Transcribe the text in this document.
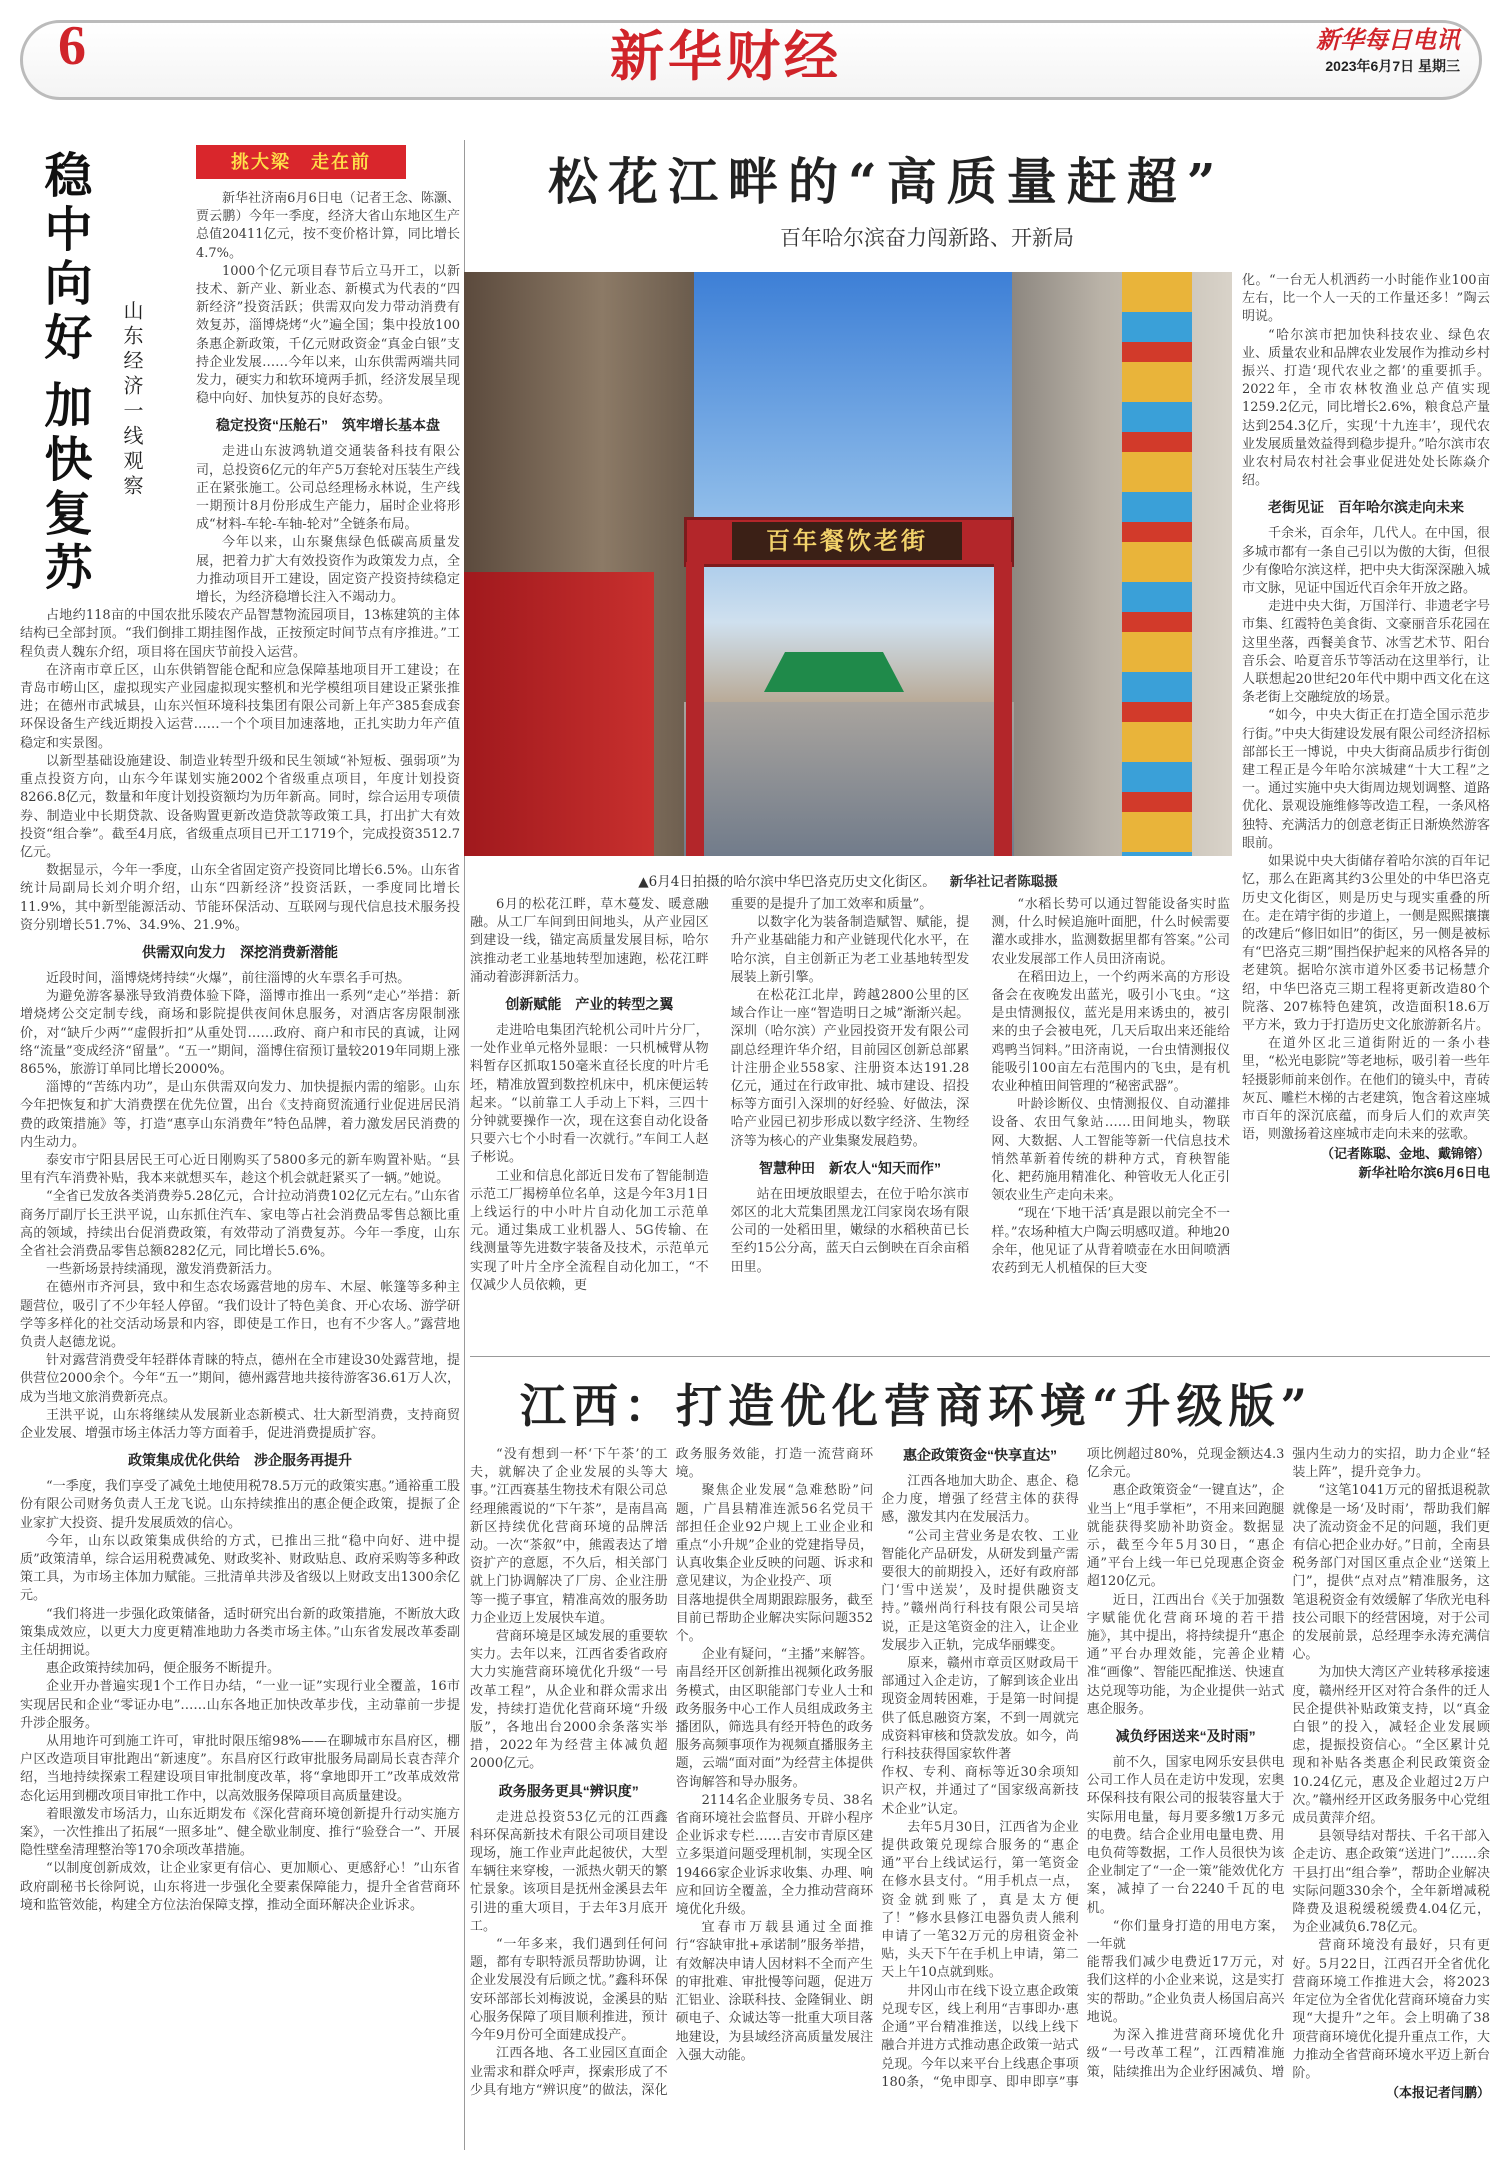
6	新华财经	新华每日电讯
2023年6月7日 星期三
稳中向好
加快复苏	山东经济一线观察
挑大梁　走在前

新华社济南6月6日电（记者王念、陈灏、贾云鹏）今年一季度，经济大省山东地区生产总值20411亿元，按不变价格计算，同比增长4.7%。

1000个亿元项目春节后立马开工，以新技术、新产业、新业态、新模式为代表的“四新经济”投资活跃；供需双向发力带动消费有效复苏，淄博烧烤“火”遍全国；集中投放100条惠企新政策，千亿元财政资金“真金白银”支持企业发展……今年以来，山东供需两端共同发力，硬实力和软环境两手抓，经济发展呈现稳中向好、加快复苏的良好态势。

稳定投资“压舱石”　筑牢增长基本盘

走进山东波鸿轨道交通装备科技有限公司，总投资6亿元的年产5万套轮对压装生产线正在紧张施工。公司总经理杨永林说，生产线一期预计8月份形成生产能力，届时企业将形成“材料-车轮-车轴-轮对”全链条布局。

今年以来，山东聚焦绿色低碳高质量发展，把着力扩大有效投资作为政策发力点，全力推动项目开工建设，固定资产投资持续稳定增长，为经济稳增长注入不竭动力。

占地约118亩的中国农批乐陵农产品智慧物流园项目，13栋建筑的主体结构已全部封顶。“我们倒排工期挂图作战，正按预定时间节点有序推进。”工程负责人魏东介绍，项目将在国庆节前投入运营。

在济南市章丘区，山东供销智能仓配和应急保障基地项目开工建设；在青岛市崂山区，虚拟现实产业园虚拟现实整机和光学模组项目建设正紧张推进；在德州市武城县，山东兴恒环境科技集团有限公司新上年产385套成套环保设备生产线近期投入运营……一个个项目加速落地，正扎实助力年产值稳定和实景图。

以新型基础设施建设、制造业转型升级和民生领域“补短板、强弱项”为重点投资方向，山东今年谋划实施2002个省级重点项目，年度计划投资8266.8亿元，数量和年度计划投资额均为历年新高。同时，综合运用专项债券、制造业中长期贷款、设备购置更新改造贷款等政策工具，打出扩大有效投资“组合拳”。截至4月底，省级重点项目已开工1719个，完成投资3512.7亿元。

数据显示，今年一季度，山东全省固定资产投资同比增长6.5%。山东省统计局副局长刘介明介绍，山东“四新经济”投资活跃，一季度同比增长11.9%，其中新型能源活动、节能环保活动、互联网与现代信息技术服务投资分别增长51.7%、34.9%、21.9%。

供需双向发力　深挖消费新潜能

近段时间，淄博烧烤持续“火爆”，前往淄博的火车票名手可热。

为避免游客暴涨导致消费体验下降，淄博市推出一系列“走心”举措：新增烧烤公交定制专线，商场和影院提供夜间休息服务，对酒店客房限制涨价，对“缺斤少两”“虚假折扣”从重处罚……政府、商户和市民的真诚，让网络“流量”变成经济“留量”。“五一”期间，淄博住宿预订量较2019年同期上涨865%，旅游订单同比增长2000%。

淄博的“苦练内功”，是山东供需双向发力、加快提振内需的缩影。山东今年把恢复和扩大消费摆在优先位置，出台《支持商贸流通行业促进居民消费的政策措施》等，打造“惠享山东消费年”特色品牌，着力激发居民消费的内生动力。

泰安市宁阳县居民王可心近日刚购买了5800多元的新车购置补贴。“县里有汽车消费补贴，我本来就想买车，趁这个机会就赶紧买了一辆。”她说。

“全省已发放各类消费券5.28亿元，合计拉动消费102亿元左右。”山东省商务厅副厅长王洪平说，山东抓住汽车、家电等占社会消费品零售总额比重高的领域，持续出台促消费政策，有效带动了消费复苏。今年一季度，山东全省社会消费品零售总额8282亿元，同比增长5.6%。

一些新场景持续涌现，激发消费新活力。

在德州市齐河县，致中和生态农场露营地的房车、木屋、帐篷等多种主题营位，吸引了不少年轻人停留。“我们设计了特色美食、开心农场、游学研学等多样化的社交活动场景和内容，即使是工作日，也有不少客人。”露营地负责人赵德龙说。

针对露营消费受年轻群体青睐的特点，德州在全市建设30处露营地，提供营位2000余个。今年“五一”期间，德州露营地共接待游客36.61万人次，成为当地文旅消费新亮点。

王洪平说，山东将继续从发展新业态新模式、壮大新型消费，支持商贸企业发展、增强市场主体活力等方面着手，促进消费提质扩容。

政策集成优化供给　涉企服务再提升

“一季度，我们享受了减免土地使用税78.5万元的政策实惠。”通裕重工股份有限公司财务负责人王龙飞说。山东持续推出的惠企便企政策，提振了企业家扩大投资、提升发展质效的信心。

今年，山东以政策集成供给的方式，已推出三批“稳中向好、进中提质”政策清单，综合运用税费减免、财政奖补、财政贴息、政府采购等多种政策工具，为市场主体加力赋能。三批清单共涉及省级以上财政支出1300余亿元。

“我们将进一步强化政策储备，适时研究出台新的政策措施，不断放大政策集成效应，以更大力度更精准地助力各类市场主体。”山东省发展改革委副主任胡拥说。

惠企政策持续加码，便企服务不断提升。

企业开办普遍实现1个工作日办结，“一业一证”实现行业全覆盖，16市实现居民和企业“零证办电”……山东各地正加快改革步伐，主动靠前一步提升涉企服务。

从用地许可到施工许可，审批时限压缩98%——在聊城市东昌府区，棚户区改造项目审批跑出“新速度”。东昌府区行政审批服务局副局长袁杏萍介绍，当地持续探索工程建设项目审批制度改革，将“拿地即开工”改革成效常态化运用到棚改项目审批工作中，以高效服务保障项目高质量建设。

着眼激发市场活力，山东近期发布《深化营商环境创新提升行动实施方案》，一次性推出了拓展“一照多址”、健全歇业制度、推行“验登合一”、开展隐性壁垒清理整治等170余项改革措施。

“以制度创新成效，让企业家更有信心、更加顺心、更感舒心！”山东省政府副秘书长徐阿说，山东将进一步强化全要素保障能力，提升全省营商环境和监管效能，构建全方位法治保障支撑，推动全面环解决企业诉求。

松花江畔的“高质量赶超”
百年哈尔滨奋力闯新路、开新局
百年餐饮老街
▲6月4日拍摄的哈尔滨中华巴洛克历史文化街区。 新华社记者陈聪摄

6月的松花江畔，草木蔓发、暖意融融。从工厂车间到田间地头，从产业园区到建设一线，锚定高质量发展目标，哈尔滨推动老工业基地转型加速跑，松花江畔涌动着澎湃新活力。

创新赋能　产业的转型之翼

走进哈电集团汽轮机公司叶片分厂，一处作业单元格外显眼：一只机械臂从物料暂存区抓取150毫米直径长度的叶片毛坯，精准放置到数控机床中，机床便运转起来。“以前靠工人手动上下料，三四十分钟就要操作一次，现在这套自动化设备只要六七个小时看一次就行。”车间工人赵子彬说。

工业和信息化部近日发布了智能制造示范工厂揭榜单位名单，这是今年3月1日上线运行的中小叶片自动化加工示范单元。通过集成工业机器人、5G传输、在线测量等先进数字装备及技术，示范单元实现了叶片全序全流程自动化加工，“不仅减少人员依赖，更

重要的是提升了加工效率和质量”。

以数字化为装备制造赋智、赋能，提升产业基础能力和产业链现代化水平，在哈尔滨，自主创新正为老工业基地转型发展装上新引擎。

在松花江北岸，跨越2800公里的区域合作让一座“智造明日之城”渐渐兴起。深圳（哈尔滨）产业园投资开发有限公司副总经理许华介绍，目前园区创新总部累计注册企业558家、注册资本达191.28亿元，通过在行政审批、城市建设、招投标等方面引入深圳的好经验、好做法，深哈产业园已初步形成以数字经济、生物经济等为核心的产业集聚发展趋势。

智慧种田　新农人“知天而作”

站在田埂放眼望去，在位于哈尔滨市郊区的北大荒集团黑龙江闫家岗农场有限公司的一处稻田里，嫩绿的水稻秧苗已长至约15公分高，蓝天白云倒映在百余亩稻田里。

“水稻长势可以通过智能设备实时监测，什么时候追施叶面肥，什么时候需要灌水或排水，监测数据里都有答案。”公司农业发展部工作人员田济南说。

在稻田边上，一个约两米高的方形设备会在夜晚发出蓝光，吸引小飞虫。“这是虫情测报仪，蓝光是用来诱虫的，被引来的虫子会被电死，几天后取出来还能给鸡鸭当饲料。”田济南说，一台虫情测报仪能吸引100亩左右范围内的飞虫，是有机农业种植田间管理的“秘密武器”。

叶龄诊断仪、虫情测报仪、自动灌排设备、农田气象站……田间地头，物联网、大数据、人工智能等新一代信息技术悄然革新着传统的耕种方式，育秧智能化、耙药施用精准化、种管收无人化正引领农业生产走向未来。

“现在‘下地干活’真是跟以前完全不一样。”农场种植大户陶云明感叹道。种地20余年，他见证了从背着喷壶在水田间喷洒农药到无人机植保的巨大变

化。“一台无人机洒药一小时能作业100亩左右，比一个人一天的工作量还多！”陶云明说。

“哈尔滨市把加快科技农业、绿色农业、质量农业和品牌农业发展作为推动乡村振兴、打造‘现代农业之都’的重要抓手。2022年，全市农林牧渔业总产值实现1259.2亿元，同比增长2.6%，粮食总产量达到254.3亿斤，实现‘十九连丰’，现代农业发展质量效益得到稳步提升。”哈尔滨市农业农村局农村社会事业促进处处长陈焱介绍。

老街见证　百年哈尔滨走向未来

千余米，百余年，几代人。在中国，很多城市都有一条自己引以为傲的大街，但很少有像哈尔滨这样，把中央大街深深融入城市文脉，见证中国近代百余年开放之路。

走进中央大街，万国洋行、非遗老字号市集、红霞特色美食街、文豪丽音乐花园在这里坐落，西餐美食节、冰雪艺术节、阳台音乐会、哈夏音乐节等活动在这里举行，让人联想起20世纪20年代中期中西文化在这条老街上交融绽放的场景。

“如今，中央大街正在打造全国示范步行街。”中央大街建设发展有限公司经济招标部部长王一博说，中央大街商品质步行街创建工程正是今年哈尔滨城建“十大工程”之一。通过实施中央大街周边规划调整、道路优化、景观设施维修等改造工程，一条风格独特、充满活力的创意老街正日渐焕然游客眼前。

如果说中央大街储存着哈尔滨的百年记忆，那么在距离其约3公里处的中华巴洛克历史文化街区，则是历史与现实重叠的所在。走在靖宇街的步道上，一侧是熙熙攘攘的改建后“修旧如旧”的街区，另一侧是被标有“巴洛克三期”围挡保护起来的风格各异的老建筑。据哈尔滨市道外区委书记杨慧介绍，中华巴洛克三期工程将更新改造80个院落、207栋特色建筑，改造面积18.6万平方米，致力于打造历史文化旅游新名片。

在道外区北三道街附近的一条小巷里，“松光电影院”等老地标，吸引着一些年轻摄影师前来创作。在他们的镜头中，青砖灰瓦、雕栏木梯的古老建筑，饱含着这座城市百年的深沉底蕴，而身后人们的欢声笑语，则激扬着这座城市走向未来的弦歌。

（记者陈聪、金地、戴锦镕）
新华社哈尔滨6月6日电
江西：打造优化营商环境“升级版”

“没有想到一杯‘下午茶’的工夫，就解决了企业发展的头等大事。”江西赛基生物技术有限公司总经理熊霞说的“下午茶”，是南昌高新区持续优化营商环境的品牌活动。一次“茶叙”中，熊霞表达了增资扩产的意愿，不久后，相关部门就上门协调解决了厂房、企业注册等一揽子事宜，精准高效的服务助力企业迈上发展快车道。

营商环境是区域发展的重要软实力。去年以来，江西省委省政府大力实施营商环境优化升级“一号改革工程”，从企业和群众需求出发，持续打造优化营商环境“升级版”，各地出台2000余条落实举措，2022年为经营主体减负超2000亿元。

政务服务更具“辨识度”

走进总投资53亿元的江西鑫科环保高新技术有限公司项目建设现场，施工作业声此起彼伏，大型车辆往来穿梭，一派热火朝天的繁忙景象。该项目是抚州金溪县去年引进的重大项目，于去年3月底开工。

“一年多来，我们遇到任何问题，都有专职特派员帮助协调，让企业发展没有后顾之忧。”鑫科环保安环部部长刘梅波说，金溪县的贴心服务保障了项目顺利推进，预计今年9月份可全面建成投产。

江西各地、各工业园区直面企业需求和群众呼声，探索形成了不少具有地方“辨识度”的做法，深化政务服务效能，打造一流营商环境。

聚焦企业发展“急难愁盼”问题，广昌县精准连派56名党员干部担任企业92户规上工业企业和重点“小升规”企业的党建指导员，认真收集企业反映的问题、诉求和意见建议，为企业投产、项

目落地提供全周期跟踪服务，截至目前已帮助企业解决实际问题352个。

企业有疑问，“主播”来解答。南昌经开区创新推出视频化政务服务模式，由区职能部门专业人士和政务服务中心工作人员组成政务主播团队，筛选具有经开特色的政务服务高频事项作为视频直播服务主题，云端“面对面”为经营主体提供咨询解答和导办服务。

2114名企业服务专员、38名省商环境社会监督员、开辟小程序企业诉求专栏……吉安市青原区建立多渠道问题受理机制，实现全区19466家企业诉求收集、办理、响应和回访全覆盖，全力推动营商环境优化升级。

宜春市万载县通过全面推行“容缺审批+承诺制”服务举措，有效解决申请人因材料不全而产生的审批难、审批慢等问题，促进万汇铝业、涂联科技、金隆铜业、朗硕电子、众诚达等一批重大项目落地建设，为县域经济高质量发展注入强大动能。

惠企政策资金“快享直达”

江西各地加大助企、惠企、稳企力度，增强了经营主体的获得感，激发其内在发展活力。

“公司主营业务是农牧、工业智能化产品研发，从研发到量产需要很大的前期投入，还好有政府部门‘雪中送炭’，及时提供融资支持。”赣州尚行科技有限公司吴培说，正是这笔资金的注入，让企业发展步入正轨，完成华丽蝶变。

原来，赣州市章贡区财政局干部通过入企走访，了解到该企业出现资金周转困难，于是第一时间提供了低息融资方案，不到一周就完成资料审核和贷款发放。如今，尚行科技获得国家软件著

作权、专利、商标等近30余项知识产权，并通过了“国家级高新技术企业”认定。

去年5月30日，江西省为企业提供政策兑现综合服务的“惠企通”平台上线试运行，第一笔资金在修水县支付。“用手机点一点，资金就到账了，真是太方便了！”修水县修江电器负责人熊利申请了一笔32万元的房租资金补贴，头天下午在手机上申请，第二天上午10点就到账。

井冈山市在线下设立惠企政策兑现专区，线上利用“吉事即办·惠企通”平台精准推送，以线上线下融合并进方式推动惠企政策一站式兑现。今年以来平台上线惠企事项180条，“免申即享、即申即享”事项比例超过80%，兑现金额达4.3亿余元。

惠企政策资金“一键直达”，企业当上“甩手掌柜”，不用来回跑腿就能获得奖励补助资金。数据显示，截至今年5月30日，“惠企通”平台上线一年已兑现惠企资金超120亿元。

近日，江西出台《关于加强数字赋能优化营商环境的若干措施》，其中提出，将持续提升“惠企通”平台办理效能，完善企业精准“画像”、智能匹配推送、快速直达兑现等功能，为企业提供一站式惠企服务。

减负纾困送来“及时雨”

前不久，国家电网乐安县供电公司工作人员在走访中发现，宏奥环保科技有限公司的报装容量大于实际用电量，每月要多缴1万多元的电费。结合企业用电量电费、用电负荷等数据，工作人员很快为该企业制定了“一企一策”能效优化方案，减掉了一台2240千瓦的电机。

“你们量身打造的用电方案，一年就

能帮我们减少电费近17万元，对我们这样的小企业来说，这是实打实的帮助。”企业负责人杨国启高兴地说。

为深入推进营商环境优化升级“一号改革工程”，江西精准施策，陆续推出为企业纾困减负、增强内生动力的实招，助力企业“轻装上阵”，提升竞争力。

“这笔1041万元的留抵退税款就像是一场‘及时雨’，帮助我们解决了流动资金不足的问题，我们更有信心把企业办好。”日前，全南县税务部门对国区重点企业“送策上门”，提供“点对点”精准服务，这笔退税资金有效缓解了华欣光电科技公司眼下的经营困境，对于公司的发展前景，总经理李永涛充满信心。

为加快大湾区产业转移承接速度，赣州经开区对符合条件的迁人民企提供补贴政策支持，以“真金白银”的投入，减轻企业发展顾虑，提振投资信心。“全区累计兑现和补贴各类惠企利民政策资金10.24亿元，惠及企业超过2万户次。”赣州经开区政务服务中心党组成员黄萍介绍。

县领导结对帮扶、千名干部入企走访、惠企政策“送进门”……余干县打出“组合拳”，帮助企业解决实际问题330余个，全年新增减税降费及退税缓税缓费4.04亿元，为企业减负6.78亿元。

营商环境没有最好，只有更好。5月22日，江西召开全省优化营商环境工作推进大会，将2023年定位为全省优化营商环境奋力实现“大提升”之年。会上明确了38项营商环境优化提升重点工作，大力推动全省营商环境水平迈上新台阶。

（本报记者闫鹏）
